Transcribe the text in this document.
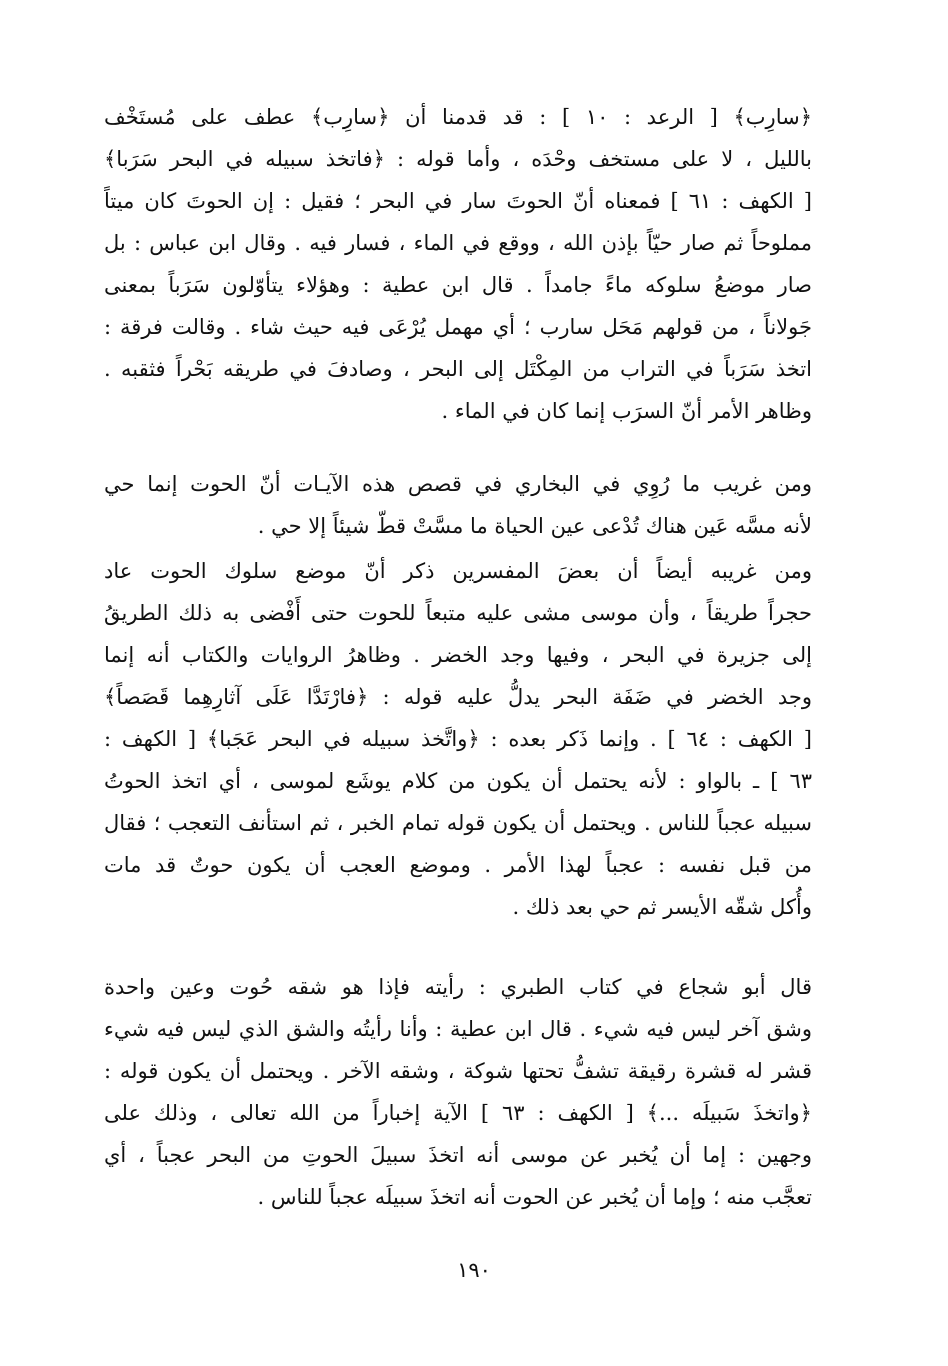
﴿سارِب﴾ [ الرعد : ١٠ ] : قد قدمنا أن ﴿سارِب﴾ عطف على مُستَخْف
بالليل ، لا على مستخف وحْدَه ، وأما قوله : ﴿فاتخذ سبيله في البحر سَرَبا﴾
[ الكهف : ٦١ ] فمعناه أنّ الحوتَ سار في البحر ؛ فقيل : إن الحوتَ كان ميتاً
مملوحاً ثم صار حيّاً بإذن الله ، ووقع في الماء ، فسار فيه . وقال ابن عباس : بل
صار موضعُ سلوكه ماءً جامداً . قال ابن عطية : وهؤلاء يتأوّلون سَرَباً بمعنى
جَولاناً ، من قولهم مَحَل سارب ؛ أي مهمل يُرْعَى فيه حيث شاء . وقالت فرقة :
اتخذ سَرَباً في التراب من المِكْتَل إلى البحر ، وصادفَ في طريقه بَحْراً فثقبه .
وظاهر الأمر أنّ السرَب إنما كان في الماء .
ومن غريب ما رُوِي في البخاري في قصص هذه الآيـات أنّ الحوت إنما حي
لأنه مسَّه عَين هناك تُدْعى عين الحياة ما مسَّتْ قطّ شيئاً إلا حي .
ومن غريبه أيضاً أن بعضَ المفسرين ذكر أنّ موضع سلوك الحوت عاد
حجراً طريقاً ، وأن موسى مشى عليه متبعاً للحوت حتى أَفْضى به ذلك الطريقُ
إلى جزيرة في البحر ، وفيها وجد الخضر . وظاهرُ الروايات والكتاب أنه إنما
وجد الخضر في ضَفَة البحر يدلُّ عليه قوله : ﴿فارْتَدَّا عَلَى آثارِهِما قَصَصاً﴾
[ الكهف : ٦٤ ] . وإنما ذَكر بعده : ﴿واتَّخذ سبيله في البحر عَجَبا﴾ [ الكهف :
٦٣ ] ـ بالواو : لأنه يحتمل أن يكون من كلام يوشَع لموسى ، أي اتخذ الحوتُ
سبيله عجباً للناس . ويحتمل أن يكون قوله تمام الخبر ، ثم استأنف التعجب ؛ فقال
من قبل نفسه : عجباً لهذا الأمر . وموضع العجب أن يكون حوتٌ قد مات
وأُكل شقّه الأيسر ثم حي بعد ذلك .
قال أبو شجاع في كتاب الطبري : رأيته فإذا هو شقه حُوت وعين واحدة
وشق آخر ليس فيه شيء . قال ابن عطية : وأنا رأيتُه والشق الذي ليس فيه شيء
قشر له قشرة رقيقة تشفُّ تحتها شوكة ، وشقه الآخر . ويحتمل أن يكون قوله :
﴿واتخذَ سَبيلَه ...﴾ [ الكهف : ٦٣ ] الآية إخباراً من الله تعالى ، وذلك على
وجهين : إما أن يُخبر عن موسى أنه اتخذَ سبيلَ الحوتِ من البحر عجباً ، أي
تعجَّب منه ؛ وإما أن يُخبر عن الحوت أنه اتخذَ سبيلَه عجباً للناس .
١٩٠
